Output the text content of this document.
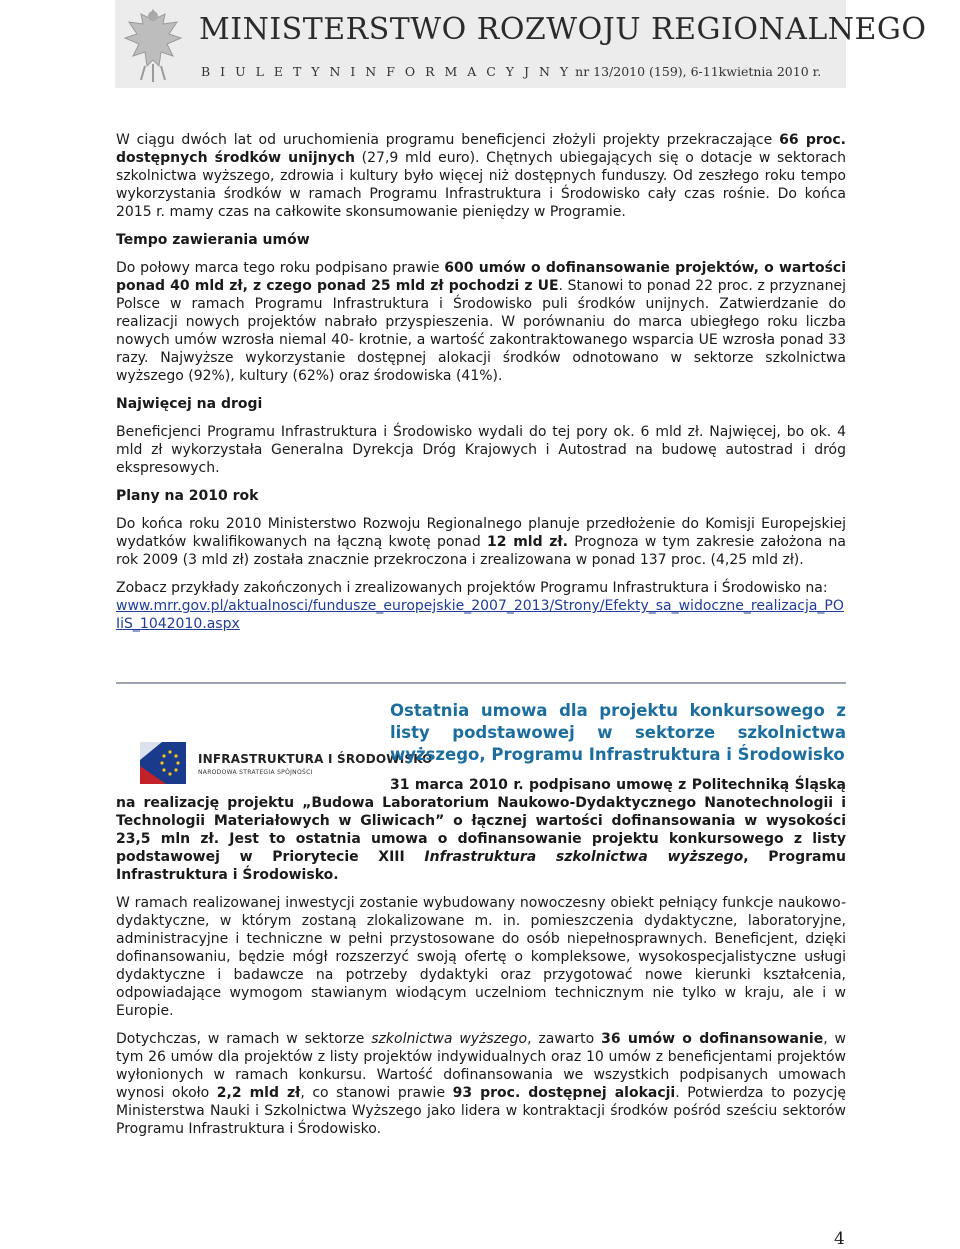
MINISTERSTWO ROZWOJU REGIONALNEGO
B I U L E T Y N I N F O R M A C Y J N Y nr 13/2010 (159), 6-11kwietnia 2010 r.

W ciągu dwóch lat od uruchomienia programu beneficjenci złożyli projekty przekraczające 66 proc. dostępnych środków unijnych (27,9 mld euro). Chętnych ubiegających się o dotacje w sektorach szkolnictwa wyższego, zdrowia i kultury było więcej niż dostępnych funduszy. Od zeszłego roku tempo wykorzystania środków w ramach Programu Infrastruktura i Środowisko cały czas rośnie. Do końca 2015 r. mamy czas na całkowite skonsumowanie pieniędzy w Programie.

Tempo zawierania umów

Do połowy marca tego roku podpisano prawie 600 umów o dofinansowanie projektów, o wartości ponad 40 mld zł, z czego ponad 25 mld zł pochodzi z UE. Stanowi to ponad 22 proc. z przyznanej Polsce w ramach Programu Infrastruktura i Środowisko puli środków unijnych. Zatwierdzanie do realizacji nowych projektów nabrało przyspieszenia. W porównaniu do marca ubiegłego roku liczba nowych umów wzrosła niemal 40- krotnie, a wartość zakontraktowanego wsparcia UE wzrosła ponad 33 razy. Najwyższe wykorzystanie dostępnej alokacji środków odnotowano w sektorze szkolnictwa wyższego (92%), kultury (62%) oraz środowiska (41%).

Najwięcej na drogi

Beneficjenci Programu Infrastruktura i Środowisko wydali do tej pory ok. 6 mld zł. Najwięcej, bo ok. 4 mld zł wykorzystała Generalna Dyrekcja Dróg Krajowych i Autostrad na budowę autostrad i dróg ekspresowych.

Plany na 2010 rok

Do końca roku 2010 Ministerstwo Rozwoju Regionalnego planuje przedłożenie do Komisji Europejskiej wydatków kwalifikowanych na łączną kwotę ponad 12 mld zł. Prognoza w tym zakresie założona na rok 2009 (3 mld zł) została znacznie przekroczona i zrealizowana w ponad 137 proc. (4,25 mld zł).

Zobacz przykłady zakończonych i zrealizowanych projektów Programu Infrastruktura i Środowisko na:

www.mrr.gov.pl/aktualnosci/fundusze_europejskie_2007_2013/Strony/Efekty_sa_widoczne_realizacja_POIiS_1042010.aspx

INFRASTRUKTURA I ŚRODOWISKO
NARODOWA STRATEGIA SPÓJNOŚCI
Ostatnia umowa dla projektu konkursowego z listy podstawowej w sektorze szkolnictwa wyższego, Programu Infrastruktura i Środowisko

31 marca 2010 r. podpisano umowę z Politechniką Śląską na realizację projektu „Budowa Laboratorium Naukowo-Dydaktycznego Nanotechnologii i Technologii Materiałowych w Gliwicach” o łącznej wartości dofinansowania w wysokości 23,5 mln zł. Jest to ostatnia umowa o dofinansowanie projektu konkursowego z listy podstawowej w Priorytecie XIII Infrastruktura szkolnictwa wyższego, Programu Infrastruktura i Środowisko.

W ramach realizowanej inwestycji zostanie wybudowany nowoczesny obiekt pełniący funkcje naukowo-dydaktyczne, w którym zostaną zlokalizowane m. in. pomieszczenia dydaktyczne, laboratoryjne, administracyjne i techniczne w pełni przystosowane do osób niepełnosprawnych. Beneficjent, dzięki dofinansowaniu, będzie mógł rozszerzyć swoją ofertę o kompleksowe, wysokospecjalistyczne usługi dydaktyczne i badawcze na potrzeby dydaktyki oraz przygotować nowe kierunki kształcenia, odpowiadające wymogom stawianym wiodącym uczelniom technicznym nie tylko w kraju, ale i w Europie.

Dotychczas, w ramach w sektorze szkolnictwa wyższego, zawarto 36 umów o dofinansowanie, w tym 26 umów dla projektów z listy projektów indywidualnych oraz 10 umów z beneficjentami projektów wyłonionych w ramach konkursu. Wartość dofinansowania we wszystkich podpisanych umowach wynosi około 2,2 mld zł, co stanowi prawie 93 proc. dostępnej alokacji. Potwierdza to pozycję Ministerstwa Nauki i Szkolnictwa Wyższego jako lidera w kontraktacji środków pośród sześciu sektorów Programu Infrastruktura i Środowisko.

4
